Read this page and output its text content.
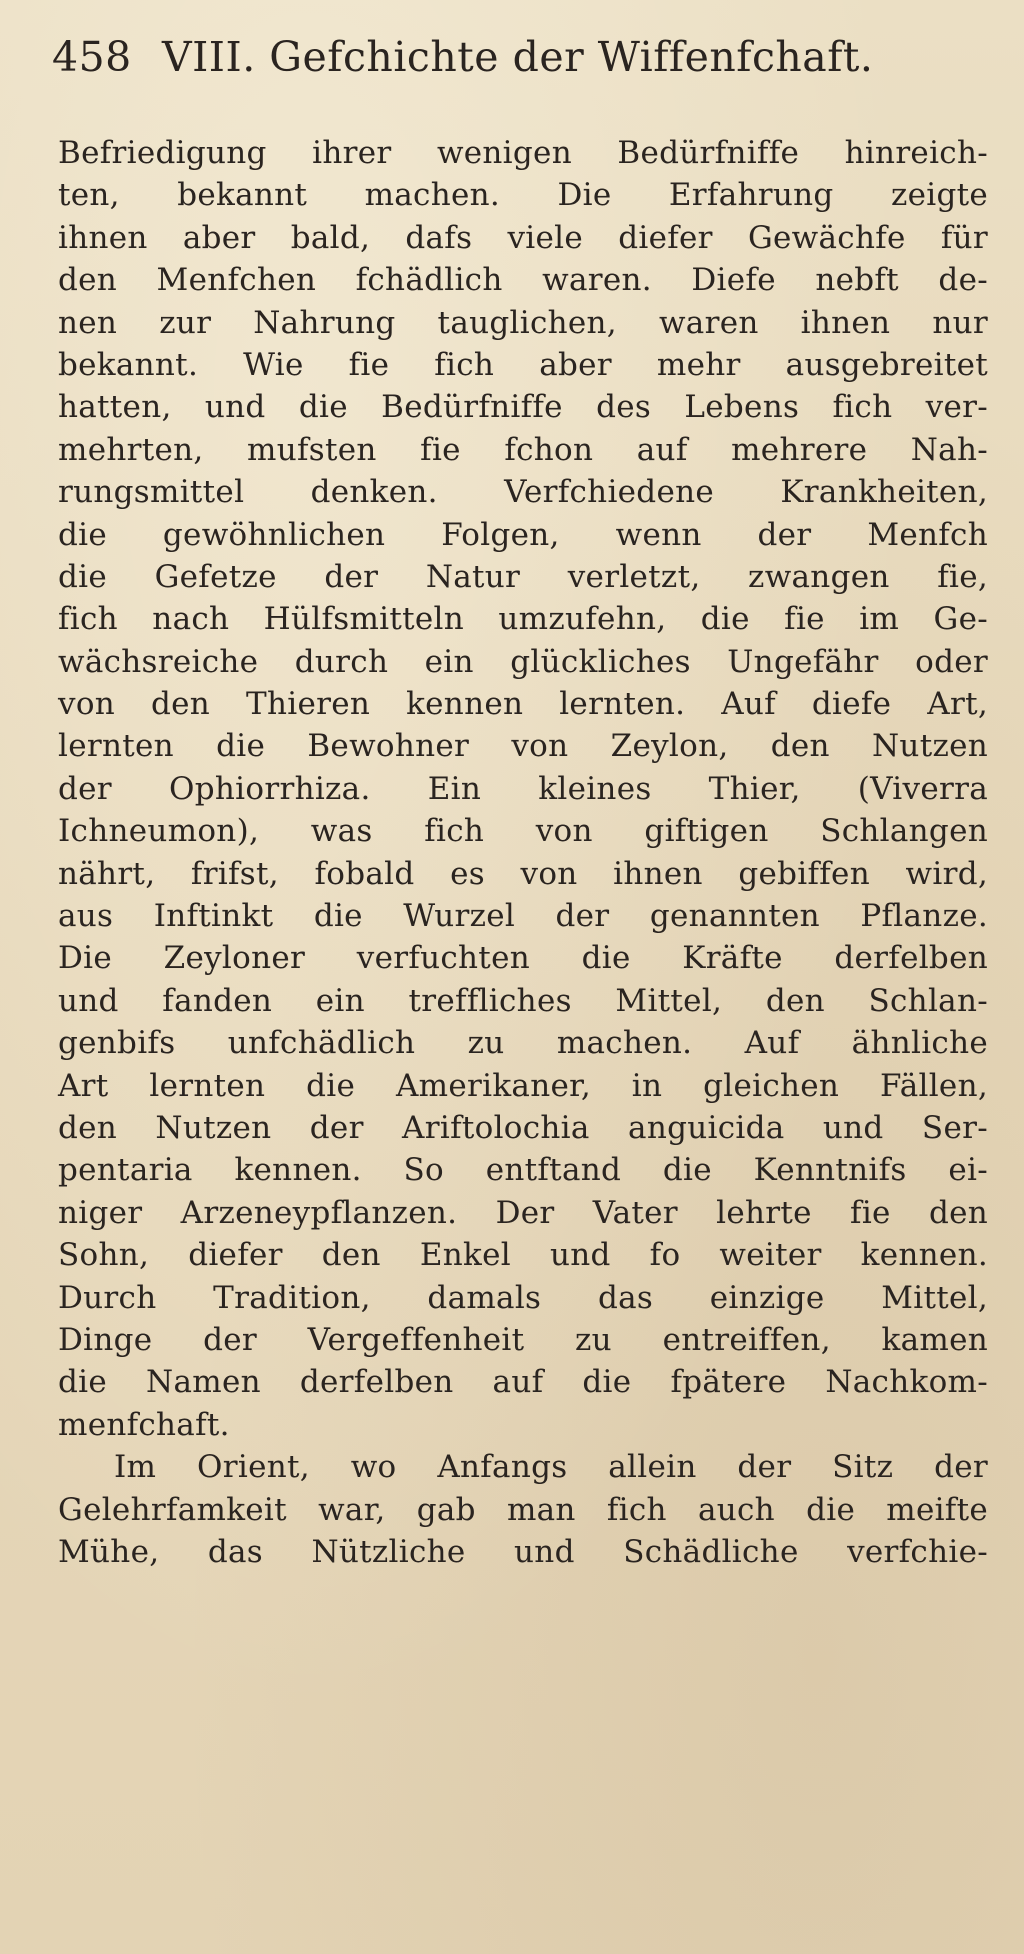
458 VIII. Gefchichte der Wiffenfchaft.
Befriedigung ihrer wenigen Bedürfniffe hinreich-
ten, bekannt machen. Die Erfahrung zeigte
ihnen aber bald, dafs viele diefer Gewächfe für
den Menfchen fchädlich waren. Diefe nebft de-
nen zur Nahrung tauglichen, waren ihnen nur
bekannt. Wie fie fich aber mehr ausgebreitet
hatten, und die Bedürfniffe des Lebens fich ver-
mehrten, mufsten fie fchon auf mehrere Nah-
rungsmittel denken. Verfchiedene Krankheiten,
die gewöhnlichen Folgen, wenn der Menfch
die Gefetze der Natur verletzt, zwangen fie,
fich nach Hülfsmitteln umzufehn, die fie im Ge-
wächsreiche durch ein glückliches Ungefähr oder
von den Thieren kennen lernten. Auf diefe Art,
lernten die Bewohner von Zeylon, den Nutzen
der Ophiorrhiza. Ein kleines Thier, (Viverra
Ichneumon), was fich von giftigen Schlangen
nährt, frifst, fobald es von ihnen gebiffen wird,
aus Inftinkt die Wurzel der genannten Pflanze.
Die Zeyloner verfuchten die Kräfte derfelben
und fanden ein treffliches Mittel, den Schlan-
genbifs unfchädlich zu machen. Auf ähnliche
Art lernten die Amerikaner, in gleichen Fällen,
den Nutzen der Ariftolochia anguicida und Ser-
pentaria kennen. So entftand die Kenntnifs ei-
niger Arzeneypflanzen. Der Vater lehrte fie den
Sohn, diefer den Enkel und fo weiter kennen.
Durch Tradition, damals das einzige Mittel,
Dinge der Vergeffenheit zu entreiffen, kamen
die Namen derfelben auf die fpätere Nachkom-
menfchaft.
Im Orient, wo Anfangs allein der Sitz der
Gelehrfamkeit war, gab man fich auch die meifte
Mühe, das Nützliche und Schädliche verfchie-
